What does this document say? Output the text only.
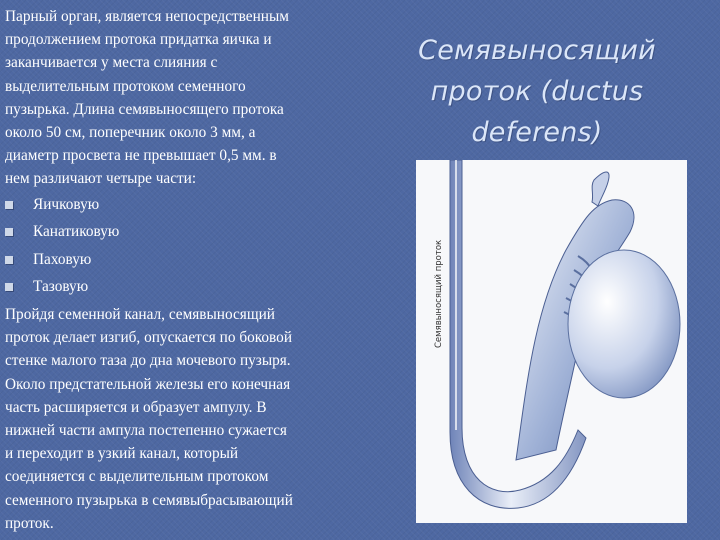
Семявыносящий
проток (ductus
deferens)

Парный орган, является непосредственным
продолжением протока придатка яичка и
заканчивается у места слияния с
выделительным протоком семенного
пузырька. Длина семявыносящего протока
около 50 см, поперечник около 3 мм, а
диаметр просвета не превышает 0,5 мм. в
нем различают четыре части:

Яичковую
Канатиковую
Паховую
Тазовую

Пройдя семенной канал, семявыносящий
проток делает изгиб, опускается по боковой
стенке малого таза до дна мочевого пузыря.
Около предстательной железы его конечная
часть расширяется и образует ампулу. В
нижней части ампула постепенно сужается
и переходит в узкий канал, который
соединяется с выделительным протоком
семенного пузырька в семявыбрасывающий
проток.

Семявыносящий проток
